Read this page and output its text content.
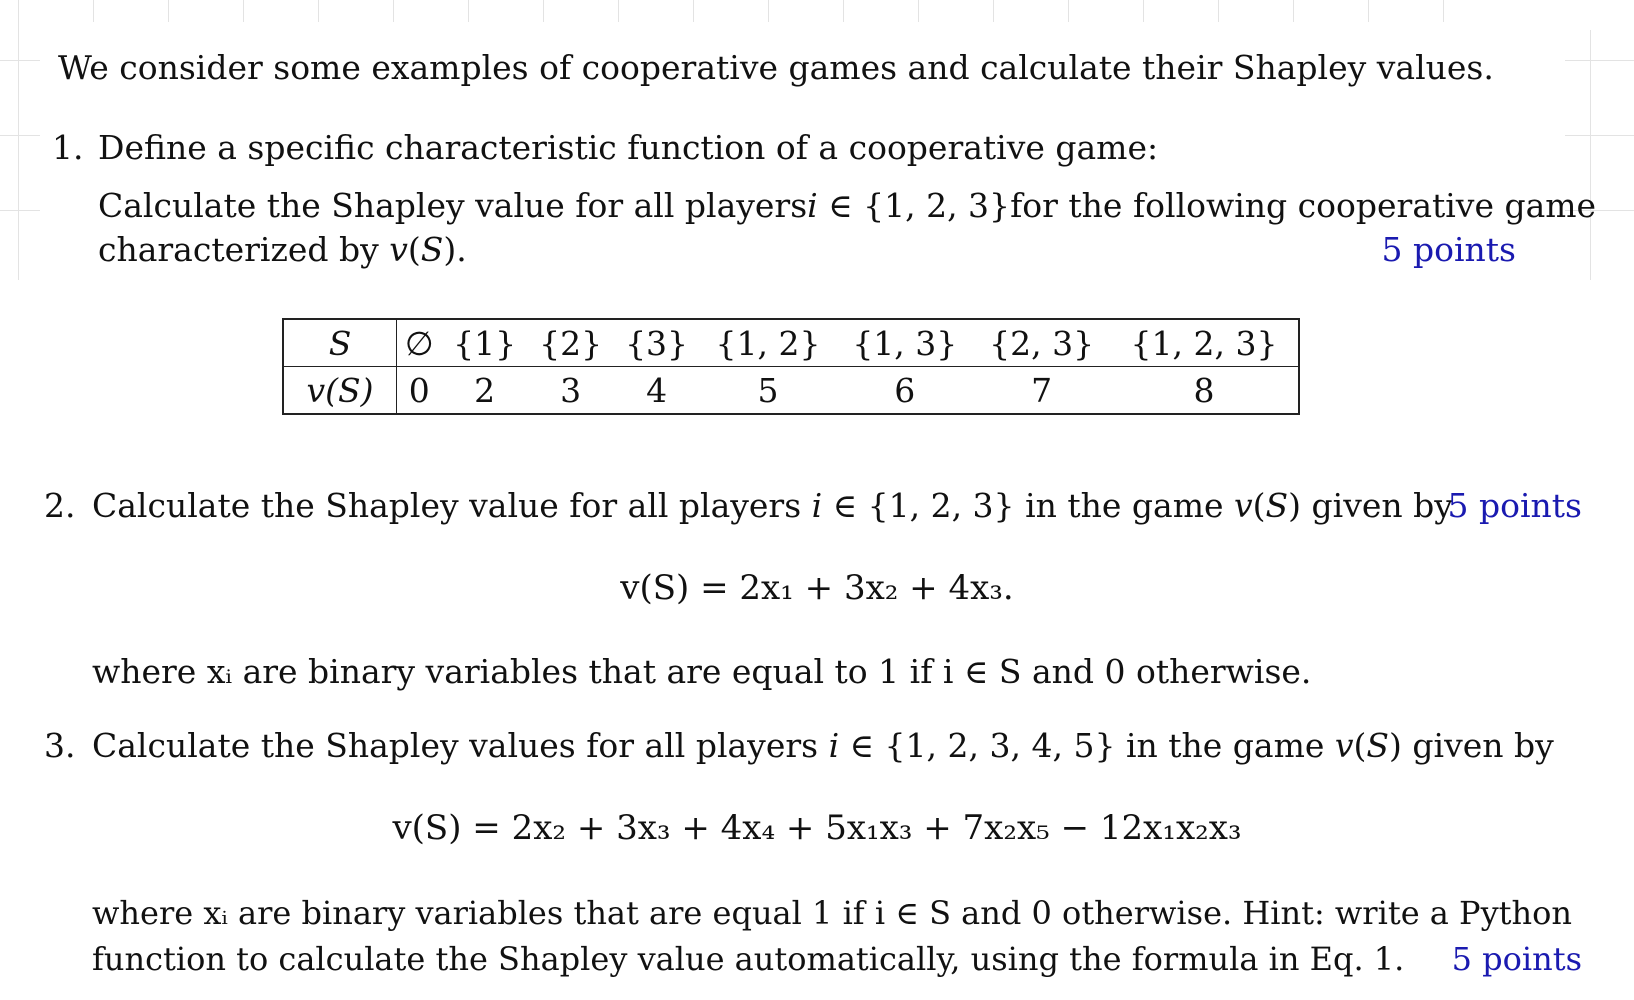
We consider some examples of cooperative games and calculate their Shapley values.
1. Define a specific characteristic function of a cooperative game:
Calculate the Shapley value for all players i ∈ {1, 2, 3} for the following cooperative game
characterized by v(S).	5 points
S	∅	{1}	{2}	{3}	{1, 2}	{1, 3}	{2, 3}	{1, 2, 3}
v(S)	0	2	3	4	5	6	7	8
2. Calculate the Shapley value for all players i ∈ {1, 2, 3} in the game v(S) given by
5 points
v(S) = 2x₁ + 3x₂ + 4x₃.
where xᵢ are binary variables that are equal to 1 if i ∈ S and 0 otherwise.
3. Calculate the Shapley values for all players i ∈ {1, 2, 3, 4, 5} in the game v(S) given by
v(S) = 2x₂ + 3x₃ + 4x₄ + 5x₁x₃ + 7x₂x₅ − 12x₁x₂x₃
where xᵢ are binary variables that are equal 1 if i ∈ S and 0 otherwise. Hint: write a Python
function to calculate the Shapley value automatically, using the formula in Eq. 1. 5 points
